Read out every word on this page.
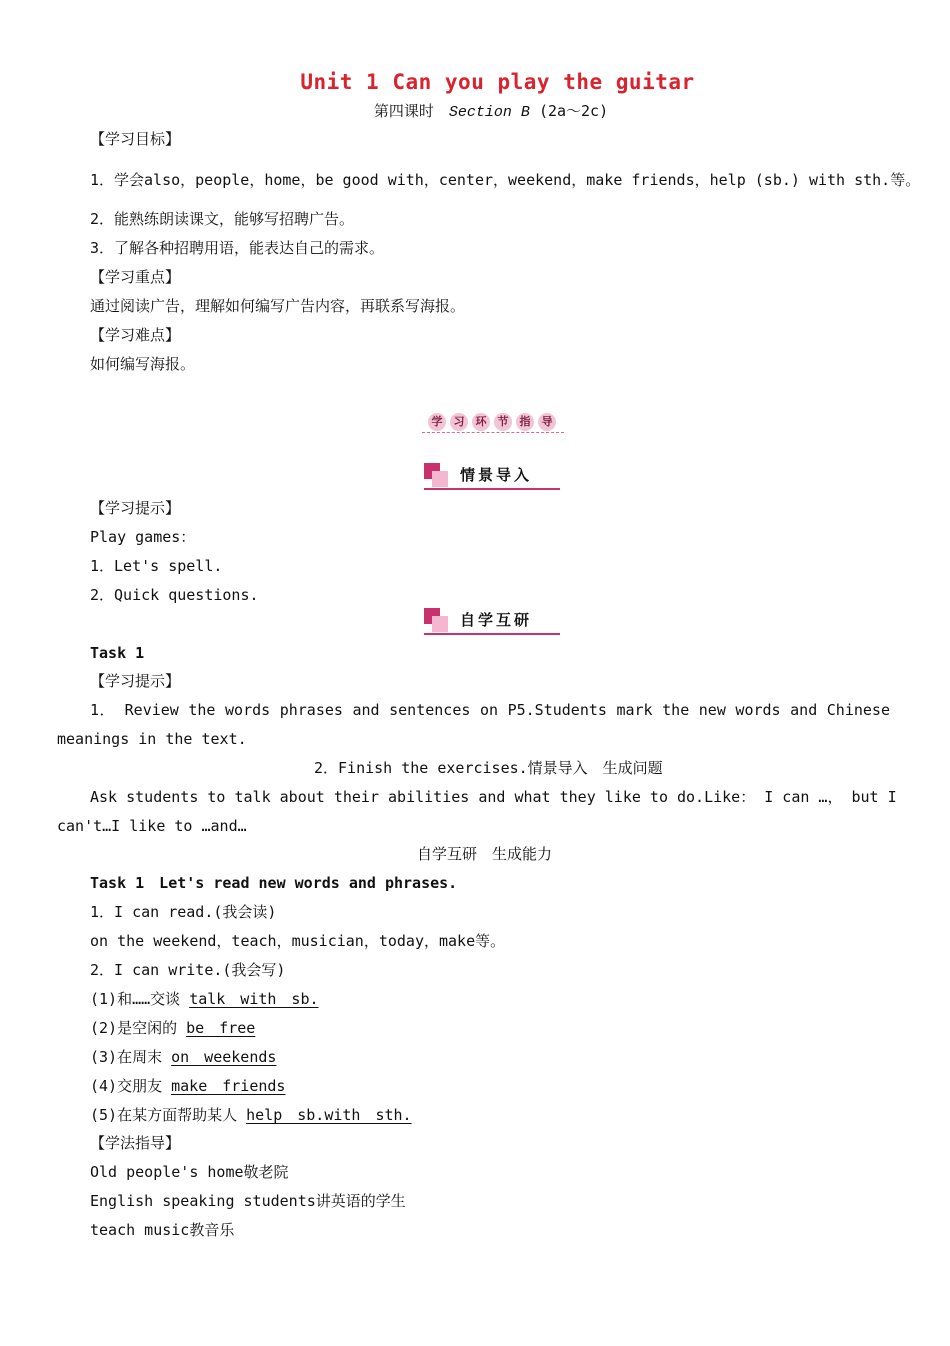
Unit 1 Can you play the guitar
第四课时　 Section B (2a～2c)
【学习目标】
1．学会also，people，home，be good with，center，weekend，make friends，help (sb.) with sth.等。
2．能熟练朗读课文，能够写招聘广告。
3．了解各种招聘用语，能表达自己的需求。
【学习重点】
通过阅读广告，理解如何编写广告内容，再联系写海报。
【学习难点】
如何编写海报。
学 习 环 节 指 导
情景导入
【学习提示】
Play games：
1．Let's spell.
2．Quick questions.
自学互研
Task 1
【学习提示】
1． Review the words phrases and sentences on P5.Students mark the new words and Chinese
meanings in the text.
2．Finish the exercises.情景导入　生成问题
Ask students to talk about their abilities and what they like to do.Like： I can …， but I
can't…I like to …and…
自学互研　生成能力
Task 1　Let's read new words and phrases.
1．I can read.(我会读)
on the weekend，teach，musician，today，make等。
2．I can write.(我会写)
(1)和……交谈 talk　with　sb.
(2)是空闲的 be　free
(3)在周末 on　weekends
(4)交朋友 make　friends
(5)在某方面帮助某人 help　sb.with　sth.
【学法指导】
Old people's home敬老院
English speaking students讲英语的学生
teach music教音乐
